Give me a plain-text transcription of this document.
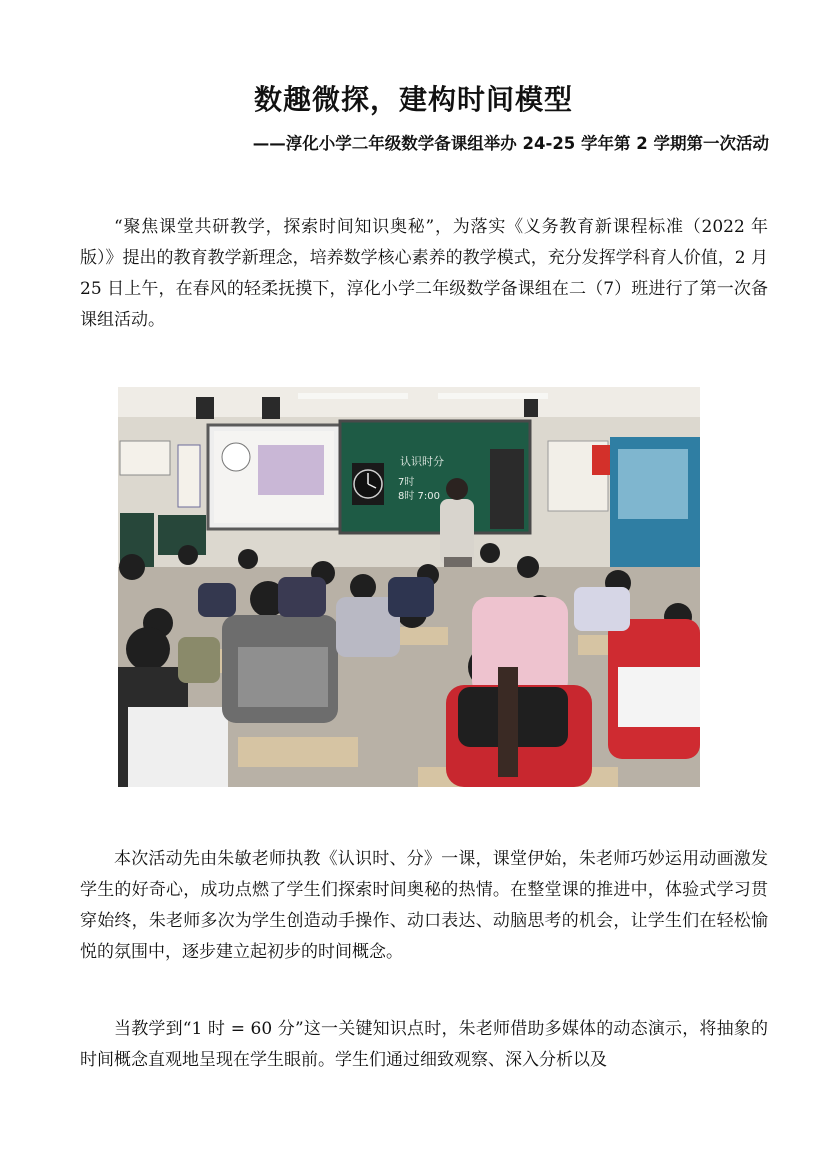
数趣微探，建构时间模型
——淳化小学二年级数学备课组举办 24-25 学年第 2 学期第一次活动

“聚焦课堂共研教学，探索时间知识奥秘”，为落实《义务教育新课程标准（2022 年版）》提出的教育教学新理念，培养数学核心素养的教学模式，充分发挥学科育人价值，2 月 25 日上午，在春风的轻柔抚摸下，淳化小学二年级数学备课组在二（7）班进行了第一次备课组活动。

认识时分
7时
8时 7:00

本次活动先由朱敏老师执教《认识时、分》一课，课堂伊始，朱老师巧妙运用动画激发学生的好奇心，成功点燃了学生们探索时间奥秘的热情。在整堂课的推进中，体验式学习贯穿始终，朱老师多次为学生创造动手操作、动口表达、动脑思考的机会，让学生们在轻松愉悦的氛围中，逐步建立起初步的时间概念。

当教学到“1 时 = 60 分”这一关键知识点时，朱老师借助多媒体的动态演示，将抽象的时间概念直观地呈现在学生眼前。学生们通过细致观察、深入分析以及
